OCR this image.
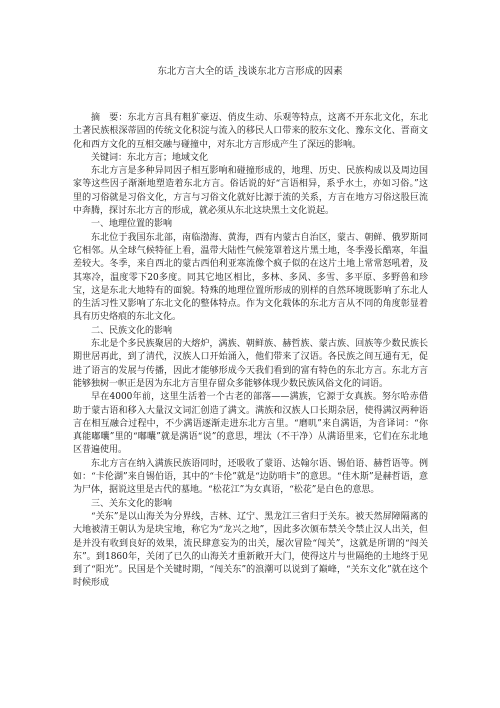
东北方言大全的话_浅谈东北方言形成的因素

摘　要：东北方言具有粗犷豪迈、俏皮生动、乐观等特点，这离不开东北文化，东北土著民族根深蒂固的传统文化积淀与流入的移民人口带来的胶东文化、豫东文化、晋商文化和西方文化的互相交融与碰撞中，对东北方言形成产生了深远的影响。

关键词：东北方言；地域文化

东北方言是多种异同因子相互影响和碰撞形成的，地理、历史、民族构成以及周边国家等这些因子渐渐地塑造着东北方言。俗话说的好“言语相异，系乎水土，亦如习俗。”这里的习俗就是习俗文化，方言与习俗文化就好比源于流的关系，方言在地方习俗这股巨流中奔腾，探讨东北方言的形成，就必须从东北这块黑土文化说起。

一、地理位置的影响

东北位于我国东北部，南临渤海、黄海，西有内蒙古自治区，蒙古、朝鲜、俄罗斯同它相邻。从全球气候特征上看，温带大陆性气候笼罩着这片黑土地，冬季漫长酷寒，年温差较大。冬季，来自西北的蒙古西伯利亚寒流像个疯子似的在这片土地上常常怒吼着，及其寒冷，温度零下20多度。同其它地区相比，多林、多风、多雪、多平原、多野兽和珍宝，这是东北大地特有的面貌。特殊的地理位置所形成的别样的自然环境既影响了东北人的生活习性又影响了东北文化的整体特点。作为文化载体的东北方言从不同的角度彰显着具有历史烙痕的东北文化。

二、民族文化的影响

东北是个多民族聚居的大熔炉，满族、朝鲜族、赫哲族、蒙古族、回族等少数民族长期世居再此，到了清代，汉族人口开始涌入，他们带来了汉语。各民族之间互通有无，促进了语言的发展与传播，因此才能够形成今天我们看到的富有特色的东北方言。东北方言能够独树一帜正是因为东北方言里存留众多能够体现少数民族风俗文化的词语。

早在4000年前，这里生活着一个古老的部落——满族，它源于女真族。努尔哈赤借助于蒙古语和移入大量汉文词汇创造了满文。满族和汉族人口长期杂居，使得满汉两种语言在相互融合过程中，不少满语逐渐走进东北方言里。“磨叽”来自满语，为音译词：“你真能嘟囔”里的“嘟囔”就是满语“说”的意思，埋汰（不干净）从满语里来，它们在东北地区普遍使用。

东北方言在纳入满族民族语同时，还吸收了蒙语、达翰尔语、锡伯语、赫哲语等。例如：“卡伦湖”来自锡伯语，其中的“卡伦”就是“边防哨卡”的意思。“佳木斯”是赫哲语，意为尸体，据说这里是古代的墓地。“松花江”为女真语，“松花”是白色的意思。

三、关东文化的影响

“关东”是以山海关为分界线，吉林、辽宁、黑龙江三省归于关东。被天然屏障隔离的大地被清王朝认为是块宝地，称它为“龙兴之地”，因此多次颁布禁关令禁止汉人出关，但是并没有收到良好的效果，流民肆意妄为的出关，屡次冒险“闯关”，这就是所谓的“闯关东”。到1860年，关闭了已久的山海关才重新敞开大门，使得这片与世隔绝的土地终于见到了“阳光”。民国是个关键时期，“闯关东”的浪潮可以说到了巅峰，“关东文化”就在这个时候形成
